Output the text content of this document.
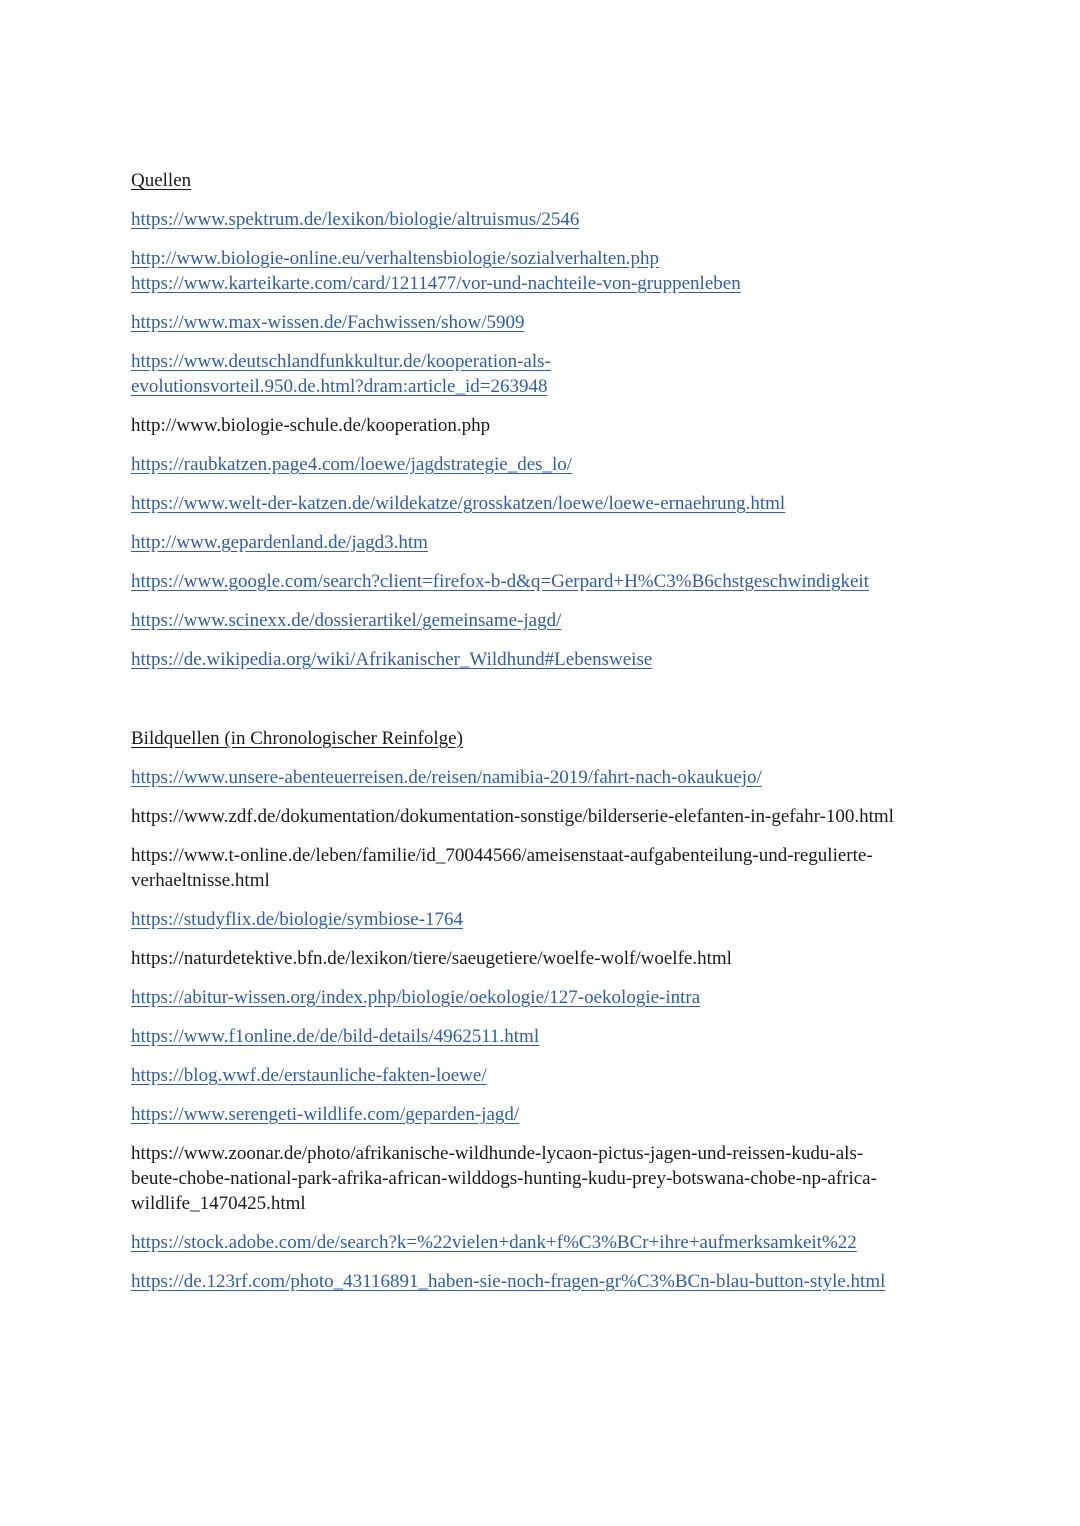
Quellen
https://www.spektrum.de/lexikon/biologie/altruismus/2546
http://www.biologie-online.eu/verhaltensbiologie/sozialverhalten.php
https://www.karteikarte.com/card/1211477/vor-und-nachteile-von-gruppenleben
https://www.max-wissen.de/Fachwissen/show/5909
https://www.deutschlandfunkkultur.de/kooperation-als-
evolutionsvorteil.950.de.html?dram:article_id=263948
http://www.biologie-schule.de/kooperation.php
https://raubkatzen.page4.com/loewe/jagdstrategie_des_lo/
https://www.welt-der-katzen.de/wildekatze/grosskatzen/loewe/loewe-ernaehrung.html
http://www.gepardenland.de/jagd3.htm
https://www.google.com/search?client=firefox-b-d&q=Gerpard+H%C3%B6chstgeschwindigkeit
https://www.scinexx.de/dossierartikel/gemeinsame-jagd/
https://de.wikipedia.org/wiki/Afrikanischer_Wildhund#Lebensweise
Bildquellen (in Chronologischer Reinfolge)
https://www.unsere-abenteuerreisen.de/reisen/namibia-2019/fahrt-nach-okaukuejo/
https://www.zdf.de/dokumentation/dokumentation-sonstige/bilderserie-elefanten-in-gefahr-100.html
https://www.t-online.de/leben/familie/id_70044566/ameisenstaat-aufgabenteilung-und-regulierte-
verhaeltnisse.html
https://studyflix.de/biologie/symbiose-1764
https://naturdetektive.bfn.de/lexikon/tiere/saeugetiere/woelfe-wolf/woelfe.html
https://abitur-wissen.org/index.php/biologie/oekologie/127-oekologie-intra
https://www.f1online.de/de/bild-details/4962511.html
https://blog.wwf.de/erstaunliche-fakten-loewe/
https://www.serengeti-wildlife.com/geparden-jagd/
https://www.zoonar.de/photo/afrikanische-wildhunde-lycaon-pictus-jagen-und-reissen-kudu-als-
beute-chobe-national-park-afrika-african-wilddogs-hunting-kudu-prey-botswana-chobe-np-africa-
wildlife_1470425.html
https://stock.adobe.com/de/search?k=%22vielen+dank+f%C3%BCr+ihre+aufmerksamkeit%22
https://de.123rf.com/photo_43116891_haben-sie-noch-fragen-gr%C3%BCn-blau-button-style.html
